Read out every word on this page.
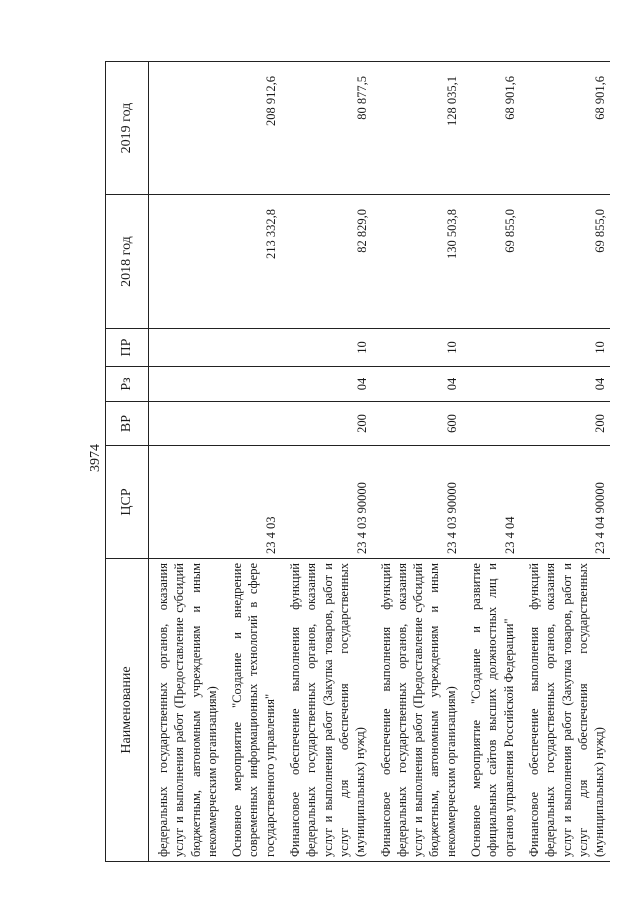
3974
Наименование	ЦСР	ВР	Рз	ПР	2018 год	2019 год
федеральных государственных органов, оказания услуг и выполнения работ (Предоставление субсидий бюджетным, автономным учреждениям и иным некоммерческим организациям)						
Основное мероприятие "Создание и внедрение современных информационных технологий в сфере государственного управления"	23 4 03				213 332,8	208 912,6
Финансовое обеспечение выполнения функций федеральных государственных органов, оказания услуг и выполнения работ (Закупка товаров, работ и услуг для обеспечения государственных (муниципальных) нужд)	23 4 03 90000	200	04	10	82 829,0	80 877,5
Финансовое обеспечение выполнения функций федеральных государственных органов, оказания услуг и выполнения работ (Предоставление субсидий бюджетным, автономным учреждениям и иным некоммерческим организациям)	23 4 03 90000	600	04	10	130 503,8	128 035,1
Основное мероприятие "Создание и развитие официальных сайтов высших должностных лиц и органов управления Российской Федерации"	23 4 04				69 855,0	68 901,6
Финансовое обеспечение выполнения функций федеральных государственных органов, оказания услуг и выполнения работ (Закупка товаров, работ и услуг для обеспечения государственных (муниципальных) нужд)	23 4 04 90000	200	04	10	69 855,0	68 901,6
